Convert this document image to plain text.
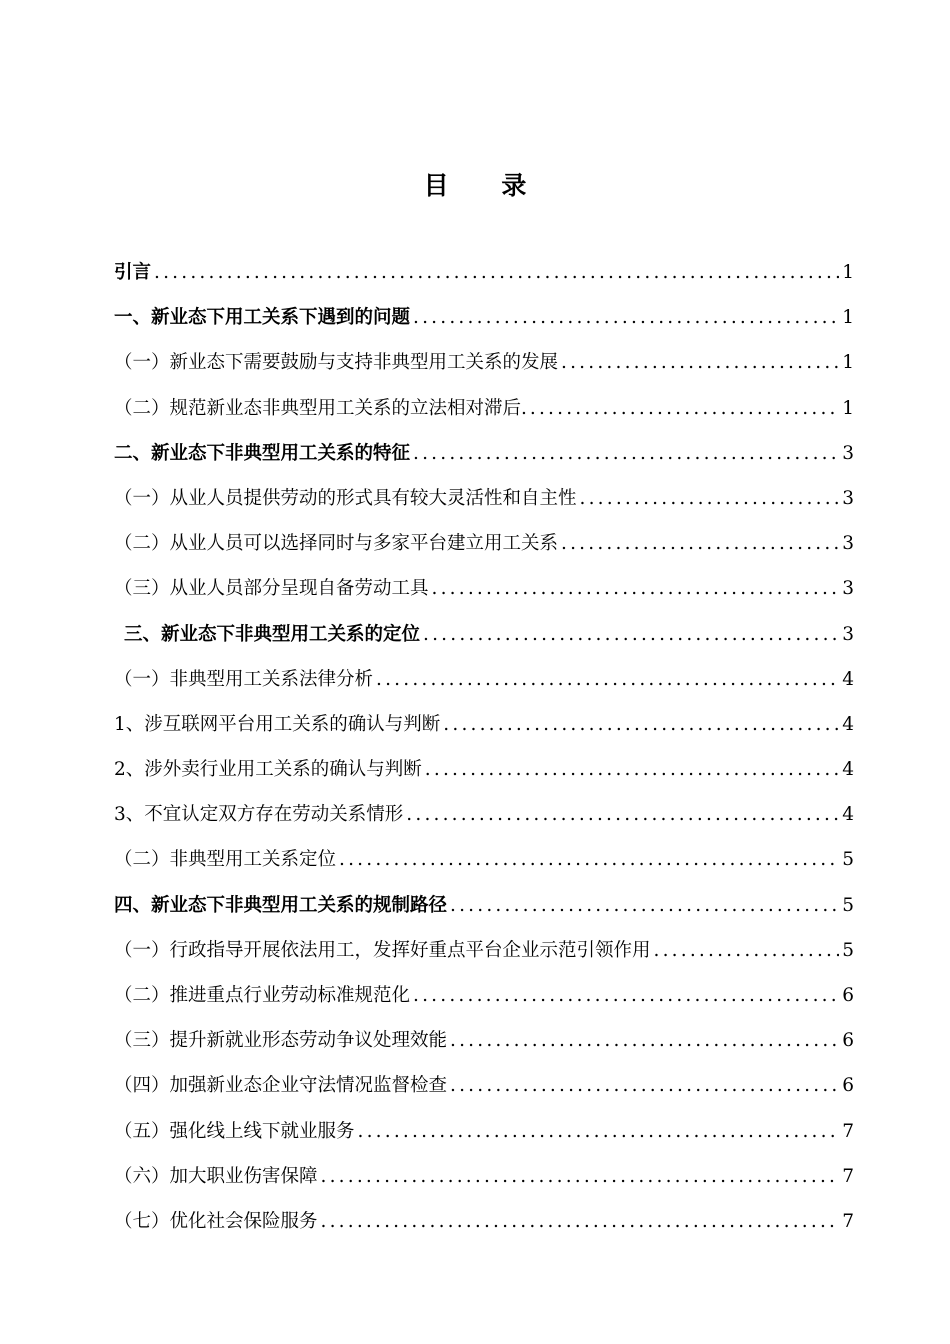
目 录
引言 .....	1
一、新业态下用工关系下遇到的问题 .....	1
（一）新业态下需要鼓励与支持非典型用工关系的发展 .....	1
（二）规范新业态非典型用工关系的立法相对滞后. .....	1
二、新业态下非典型用工关系的特征 .....	3
（一）从业人员提供劳动的形式具有较大灵活性和自主性 .....	3
（二）从业人员可以选择同时与多家平台建立用工关系 .....	3
（三）从业人员部分呈现自备劳动工具 .....	3
三、新业态下非典型用工关系的定位 .....	3
（一）非典型用工关系法律分析 .....	4
1、涉互联网平台用工关系的确认与判断 .....	4
2、涉外卖行业用工关系的确认与判断 .....	4
3、不宜认定双方存在劳动关系情形 .....	4
（二）非典型用工关系定位 .....	5
四、新业态下非典型用工关系的规制路径 .....	5
（一）行政指导开展依法用工，发挥好重点平台企业示范引领作用 .....	5
（二）推进重点行业劳动标准规范化 .....	6
（三）提升新就业形态劳动争议处理效能 .....	6
（四）加强新业态企业守法情况监督检查 .....	6
（五）强化线上线下就业服务 .....	7
（六）加大职业伤害保障 .....	7
（七）优化社会保险服务 .....	7
